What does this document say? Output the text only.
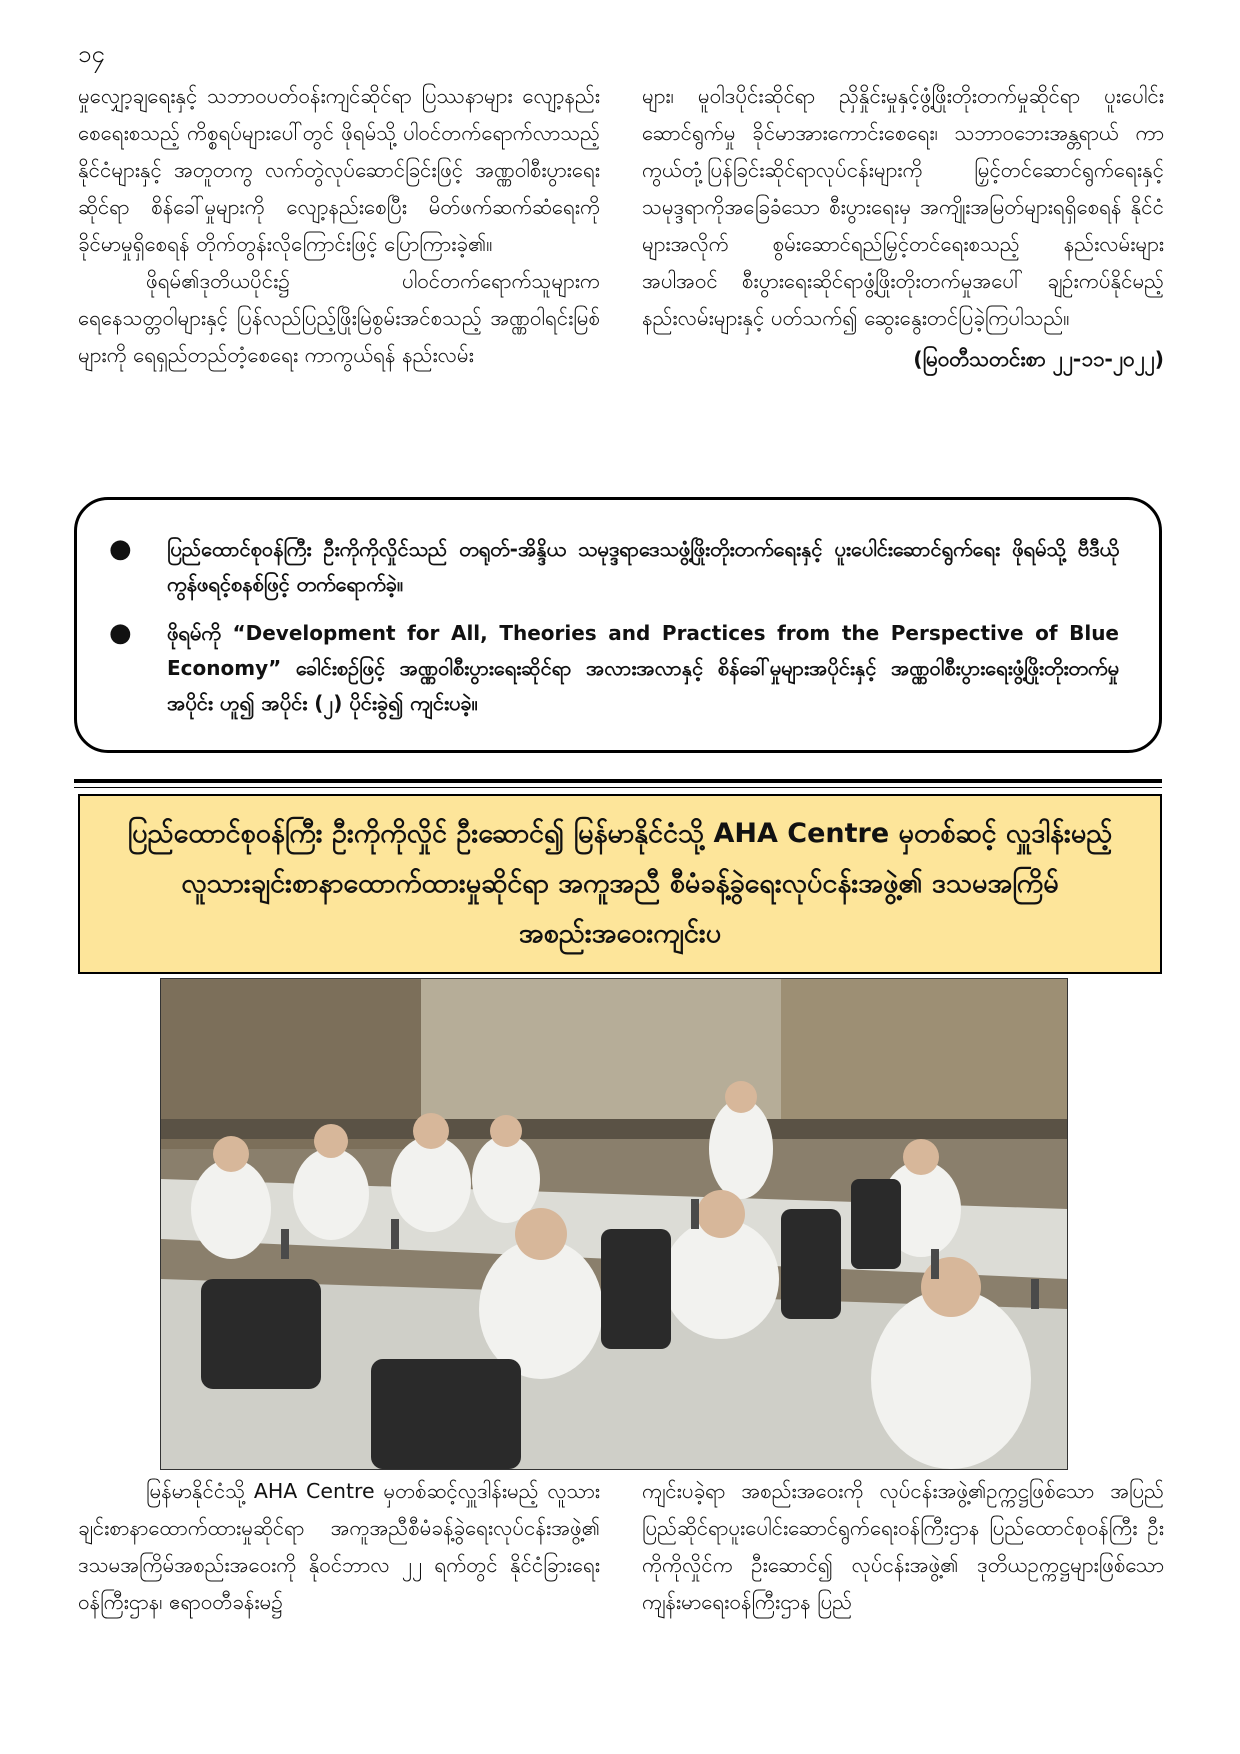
၁၄

မှုလျှော့ချရေးနှင့် သဘာဝပတ်ဝန်းကျင်ဆိုင်ရာ ပြဿနာများ လျော့နည်းစေရေးစသည့် ကိစ္စရပ်များပေါ်တွင် ဖိုရမ်သို့ ပါဝင်တက်ရောက်လာသည့် နိုင်ငံများနှင့် အတူတကွ လက်တွဲလုပ်ဆောင်ခြင်းဖြင့် အဏ္ဏဝါစီးပွားရေးဆိုင်ရာ စိန်ခေါ်မှုများကို လျော့နည်းစေပြီး မိတ်ဖက်ဆက်ဆံရေးကို ခိုင်မာမှုရှိစေရန် တိုက်တွန်းလိုကြောင်းဖြင့် ပြောကြားခဲ့၏။

ဖိုရမ်၏ဒုတိယပိုင်း၌ ပါဝင်တက်ရောက်သူများက ရေနေသတ္တဝါများနှင့် ပြန်လည်ပြည့်ဖြိုးမြဲစွမ်းအင်စသည့် အဏ္ဏဝါရင်းမြစ်များကို ရေရှည်တည်တံ့စေရေး ကာကွယ်ရန် နည်းလမ်း

များ၊ မူဝါဒပိုင်းဆိုင်ရာ ညှိနှိုင်းမှုနှင့်ဖွံ့ဖြိုးတိုးတက်မှုဆိုင်ရာ ပူးပေါင်းဆောင်ရွက်မှု ခိုင်မာအားကောင်းစေရေး၊ သဘာဝဘေးအန္တရာယ် ကာကွယ်တုံ့ပြန်ခြင်းဆိုင်ရာလုပ်ငန်းများကို မြှင့်တင်ဆောင်ရွက်ရေးနှင့် သမုဒ္ဒရာကိုအခြေခံသော စီးပွားရေးမှ အကျိုးအမြတ်များရရှိစေရန် နိုင်ငံများအလိုက် စွမ်းဆောင်ရည်မြှင့်တင်ရေးစသည့် နည်းလမ်းများအပါအဝင် စီးပွားရေးဆိုင်ရာဖွံ့ဖြိုးတိုးတက်မှုအပေါ် ချဉ်းကပ်နိုင်မည့် နည်းလမ်းများနှင့် ပတ်သက်၍ ဆွေးနွေးတင်ပြခဲ့ကြပါသည်။

(မြဝတီသတင်းစာ ၂၂-၁၁-၂၀၂၂)

●	ပြည်ထောင်စုဝန်ကြီး ဦးကိုကိုလှိုင်သည် တရုတ်-အိန္ဒိယ သမုဒ္ဒရာဒေသဖွံ့ဖြိုးတိုးတက်ရေးနှင့် ပူးပေါင်းဆောင်ရွက်ရေး ဖိုရမ်သို့ ဗီဒီယိုကွန်ဖရင့်စနစ်ဖြင့် တက်ရောက်ခဲ့။
●	ဖိုရမ်ကို “Development for All, Theories and Practices from the Perspective of Blue Economy” ခေါင်းစဉ်ဖြင့် အဏ္ဏဝါစီးပွားရေးဆိုင်ရာ အလားအလာနှင့် စိန်ခေါ်မှုများအပိုင်းနှင့် အဏ္ဏဝါစီးပွားရေးဖွံ့ဖြိုးတိုးတက်မှုအပိုင်း ဟူ၍ အပိုင်း (၂) ပိုင်းခွဲ၍ ကျင်းပခဲ့။
ပြည်ထောင်စုဝန်ကြီး ဦးကိုကိုလှိုင် ဦးဆောင်၍ မြန်မာနိုင်ငံသို့ AHA Centre မှတစ်ဆင့် လှူဒါန်းမည့် လူသားချင်းစာနာထောက်ထားမှုဆိုင်ရာ အကူအညီ စီမံခန့်ခွဲရေးလုပ်ငန်းအဖွဲ့၏ ဒသမအကြိမ်အစည်းအဝေးကျင်းပ

မြန်မာနိုင်ငံသို့ AHA Centre မှတစ်ဆင့်လှူဒါန်းမည့် လူသားချင်းစာနာထောက်ထားမှုဆိုင်ရာ အကူအညီစီမံခန့်ခွဲရေးလုပ်ငန်းအဖွဲ့၏ ဒသမအကြိမ်အစည်းအဝေးကို နိုဝင်ဘာလ ၂၂ ရက်တွင် နိုင်ငံခြားရေးဝန်ကြီးဌာန၊ ဧရာဝတီခန်းမ၌

ကျင်းပခဲ့ရာ အစည်းအဝေးကို လုပ်ငန်းအဖွဲ့၏ဥက္ကဋ္ဌဖြစ်သော အပြည်ပြည်ဆိုင်ရာပူးပေါင်းဆောင်ရွက်ရေးဝန်ကြီးဌာန ပြည်ထောင်စုဝန်ကြီး ဦးကိုကိုလှိုင်က ဦးဆောင်၍ လုပ်ငန်းအဖွဲ့၏ ဒုတိယဥက္ကဋ္ဌများဖြစ်သော ကျန်းမာရေးဝန်ကြီးဌာန ပြည်
